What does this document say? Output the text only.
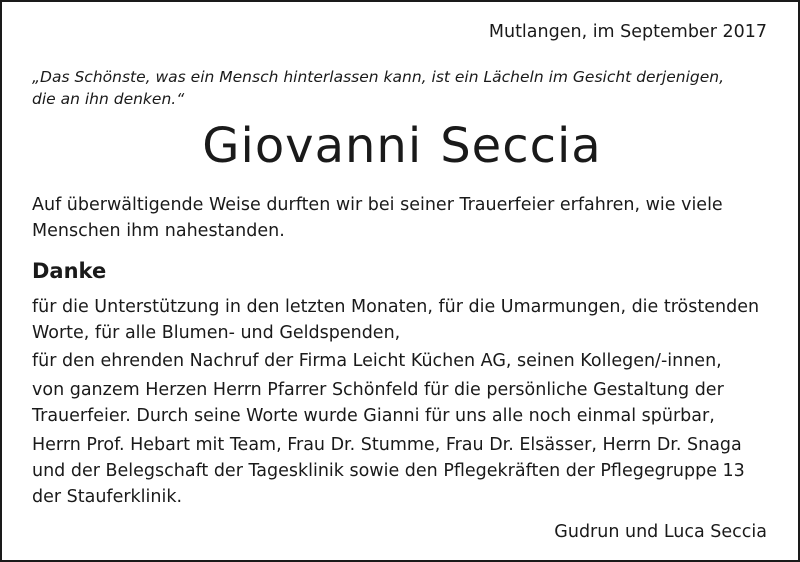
Mutlangen, im September 2017

„Das Schönste, was ein Mensch hinterlassen kann, ist ein Lächeln im Gesicht derjenigen,
die an ihn denken.“
Giovanni Seccia
Auf überwältigende Weise durften wir bei seiner Trauerfeier erfahren, wie viele
Menschen ihm nahestanden.
Danke
für die Unterstützung in den letzten Monaten, für die Umarmungen, die tröstenden
Worte, für alle Blumen- und Geldspenden,
für den ehrenden Nachruf der Firma Leicht Küchen AG, seinen Kollegen/-innen,
von ganzem Herzen Herrn Pfarrer Schönfeld für die persönliche Gestaltung der
Trauerfeier. Durch seine Worte wurde Gianni für uns alle noch einmal spürbar,
Herrn Prof. Hebart mit Team, Frau Dr. Stumme, Frau Dr. Elsässer, Herrn Dr. Snaga
und der Belegschaft der Tagesklinik sowie den Pflegekräften der Pflegegruppe 13
der Stauferklinik.

Gudrun und Luca Seccia
